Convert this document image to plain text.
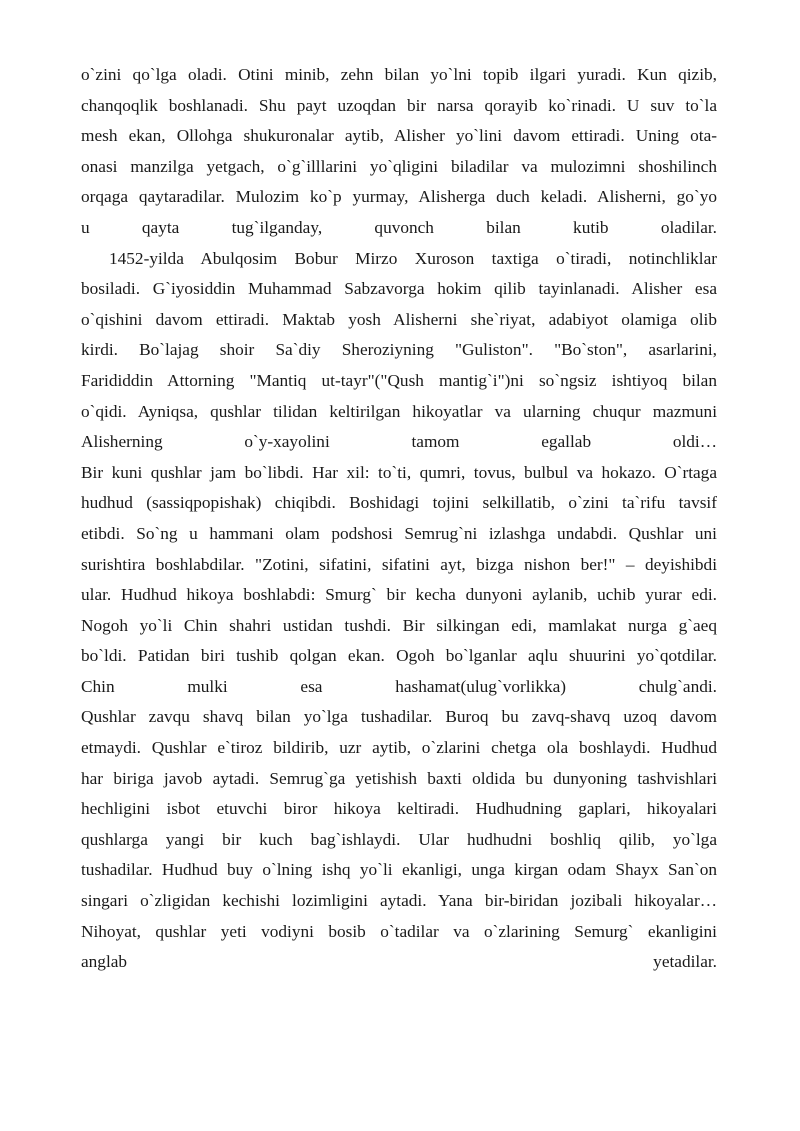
o`zini qo`lga oladi. Otini minib, zehn bilan yo`lni topib ilgari yuradi. Kun qizib,
chanqoqlik boshlanadi. Shu payt uzoqdan bir narsa qorayib ko`rinadi. U suv to`la
mesh ekan, Ollohga shukuronalar aytib, Alisher yo`lini davom ettiradi. Uning ota-
onasi manzilga yetgach, o`g`illlarini yo`qligini biladilar va mulozimni shoshilinch
orqaga qaytaradilar. Mulozim ko`p yurmay, Alisherga duch keladi. Alisherni, go`yo
u qayta tug`ilganday, quvonch bilan kutib oladilar.
1452-yilda Abulqosim Bobur Mirzo Xuroson taxtiga o`tiradi, notinchliklar
bosiladi. G`iyosiddin Muhammad Sabzavorga hokim qilib tayinlanadi. Alisher esa
o`qishini davom ettiradi. Maktab yosh Alisherni she`riyat, adabiyot olamiga olib
kirdi. Bo`lajag shoir Sa`diy Sheroziyning "Guliston". "Bo`ston", asarlarini,
Farididdin Attorning "Mantiq ut-tayr"("Qush mantig`i")ni so`ngsiz ishtiyoq bilan
o`qidi. Ayniqsa, qushlar tilidan keltirilgan hikoyatlar va ularning chuqur mazmuni
Alisherning o`y-xayolini tamom egallab oldi…
Bir kuni qushlar jam bo`libdi. Har xil: to`ti, qumri, tovus, bulbul va hokazo. O`rtaga
hudhud (sassiqpopishak) chiqibdi. Boshidagi tojini selkillatib, o`zini ta`rifu tavsif
etibdi. So`ng u hammani olam podshosi Semrug`ni izlashga undabdi. Qushlar uni
surishtira boshlabdilar. "Zotini, sifatini, sifatini ayt, bizga nishon ber!" – deyishibdi
ular. Hudhud hikoya boshlabdi: Smurg` bir kecha dunyoni aylanib, uchib yurar edi.
Nogoh yo`li Chin shahri ustidan tushdi. Bir silkingan edi, mamlakat nurga g`aeq
bo`ldi. Patidan biri tushib qolgan ekan. Ogoh bo`lganlar aqlu shuurini yo`qotdilar.
Chin mulki esa hashamat(ulug`vorlikka) chulg`andi.
Qushlar zavqu shavq bilan yo`lga tushadilar. Buroq bu zavq-shavq uzoq davom
etmaydi. Qushlar e`tiroz bildirib, uzr aytib, o`zlarini chetga ola boshlaydi. Hudhud
har biriga javob aytadi. Semrug`ga yetishish baxti oldida bu dunyoning tashvishlari
hechligini isbot etuvchi biror hikoya keltiradi. Hudhudning gaplari, hikoyalari
qushlarga yangi bir kuch bag`ishlaydi. Ular hudhudni boshliq qilib, yo`lga
tushadilar. Hudhud buy o`lning ishq yo`li ekanligi, unga kirgan odam Shayx San`on
singari o`zligidan kechishi lozimligini aytadi. Yana bir-biridan jozibali hikoyalar…
Nihoyat, qushlar yeti vodiyni bosib o`tadilar va o`zlarining Semurg` ekanligini
anglab yetadilar.
